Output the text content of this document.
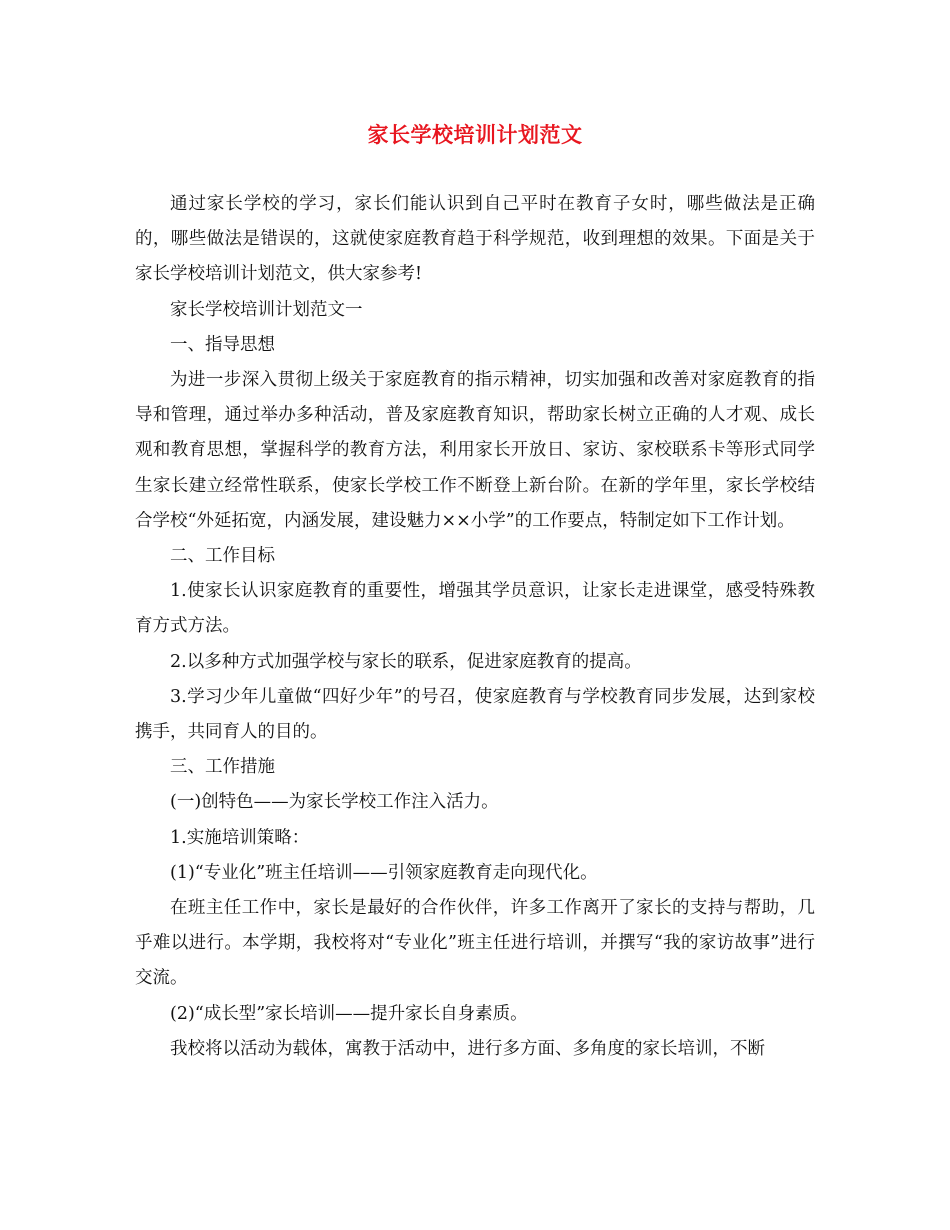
家长学校培训计划范文

通过家长学校的学习，家长们能认识到自己平时在教育子女时，哪些做法是正确的，哪些做法是错误的，这就使家庭教育趋于科学规范，收到理想的效果。下面是关于家长学校培训计划范文，供大家参考!

家长学校培训计划范文一

一、指导思想

为进一步深入贯彻上级关于家庭教育的指示精神，切实加强和改善对家庭教育的指导和管理，通过举办多种活动，普及家庭教育知识，帮助家长树立正确的人才观、成长观和教育思想，掌握科学的教育方法，利用家长开放日、家访、家校联系卡等形式同学生家长建立经常性联系，使家长学校工作不断登上新台阶。在新的学年里，家长学校结合学校“外延拓宽，内涵发展，建设魅力××小学”的工作要点，特制定如下工作计划。

二、工作目标

1.使家长认识家庭教育的重要性，增强其学员意识，让家长走进课堂，感受特殊教育方式方法。

2.以多种方式加强学校与家长的联系，促进家庭教育的提高。

3.学习少年儿童做“四好少年”的号召，使家庭教育与学校教育同步发展，达到家校携手，共同育人的目的。

三、工作措施

(一)创特色——为家长学校工作注入活力。

1.实施培训策略：

(1)“专业化”班主任培训——引领家庭教育走向现代化。

在班主任工作中，家长是最好的合作伙伴，许多工作离开了家长的支持与帮助，几乎难以进行。本学期，我校将对“专业化”班主任进行培训，并撰写“我的家访故事”进行交流。

(2)“成长型”家长培训——提升家长自身素质。

我校将以活动为载体，寓教于活动中，进行多方面、多角度的家长培训，不断
